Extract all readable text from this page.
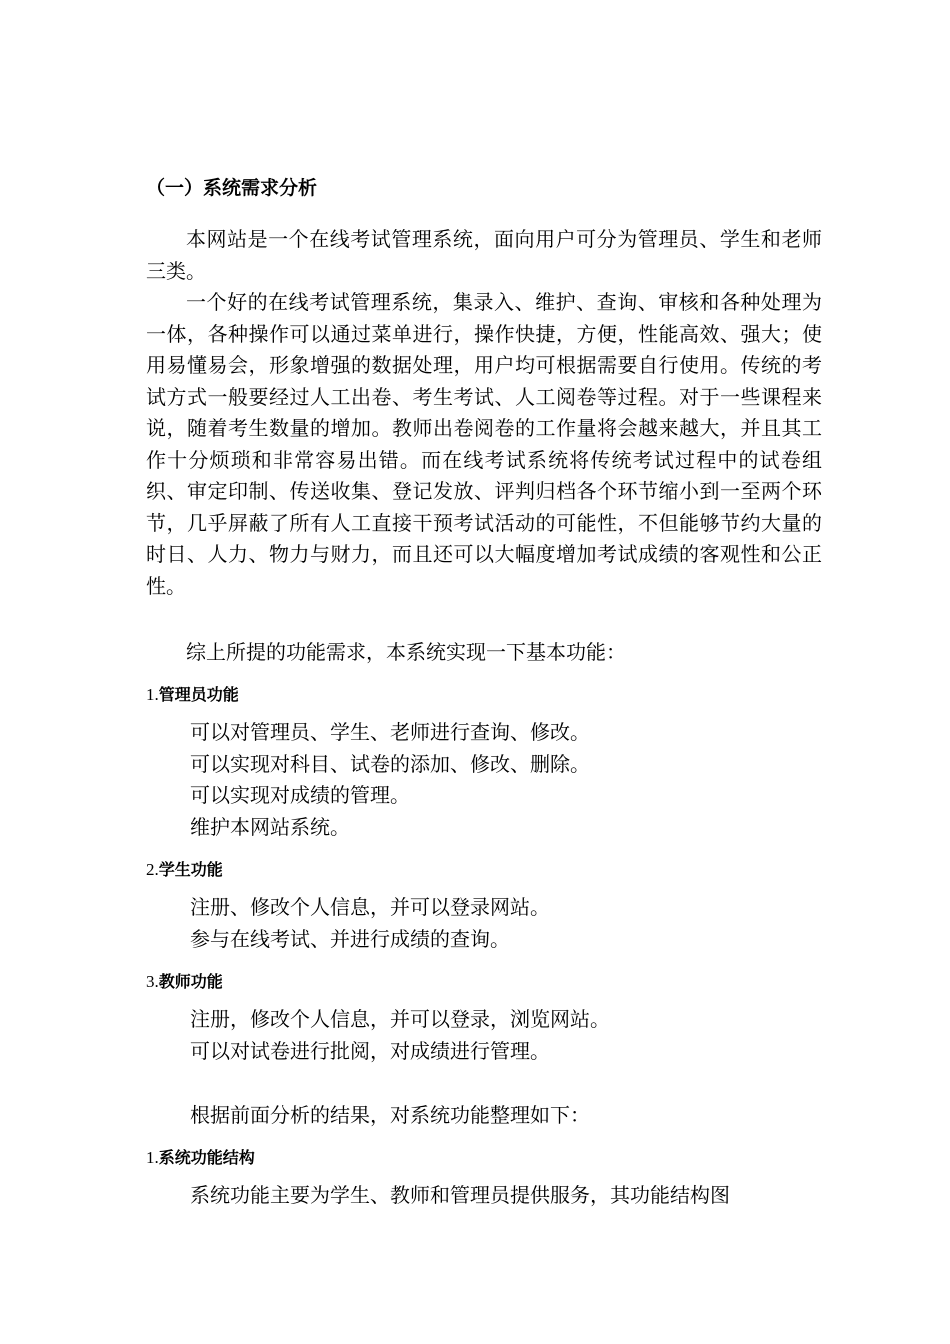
（一）系统需求分析
本网站是一个在线考试管理系统，面向用户可分为管理员、学生和老师三类。
一个好的在线考试管理系统，集录入、维护、查询、审核和各种处理为一体，各种操作可以通过菜单进行，操作快捷，方便，性能高效、强大；使用易懂易会，形象增强的数据处理，用户均可根据需要自行使用。传统的考试方式一般要经过人工出卷、考生考试、人工阅卷等过程。对于一些课程来说，随着考生数量的增加。教师出卷阅卷的工作量将会越来越大，并且其工作十分烦琐和非常容易出错。而在线考试系统将传统考试过程中的试卷组织、审定印制、传送收集、登记发放、评判归档各个环节缩小到一至两个环节，几乎屏蔽了所有人工直接干预考试活动的可能性，不但能够节约大量的时日、人力、物力与财力，而且还可以大幅度增加考试成绩的客观性和公正性。
综上所提的功能需求，本系统实现一下基本功能：
1.管理员功能
可以对管理员、学生、老师进行查询、修改。
可以实现对科目、试卷的添加、修改、删除。
可以实现对成绩的管理。
维护本网站系统。
2.学生功能
注册、修改个人信息，并可以登录网站。
参与在线考试、并进行成绩的查询。
3.教师功能
注册，修改个人信息，并可以登录，浏览网站。
可以对试卷进行批阅，对成绩进行管理。
根据前面分析的结果，对系统功能整理如下：
1.系统功能结构
系统功能主要为学生、教师和管理员提供服务，其功能结构图
